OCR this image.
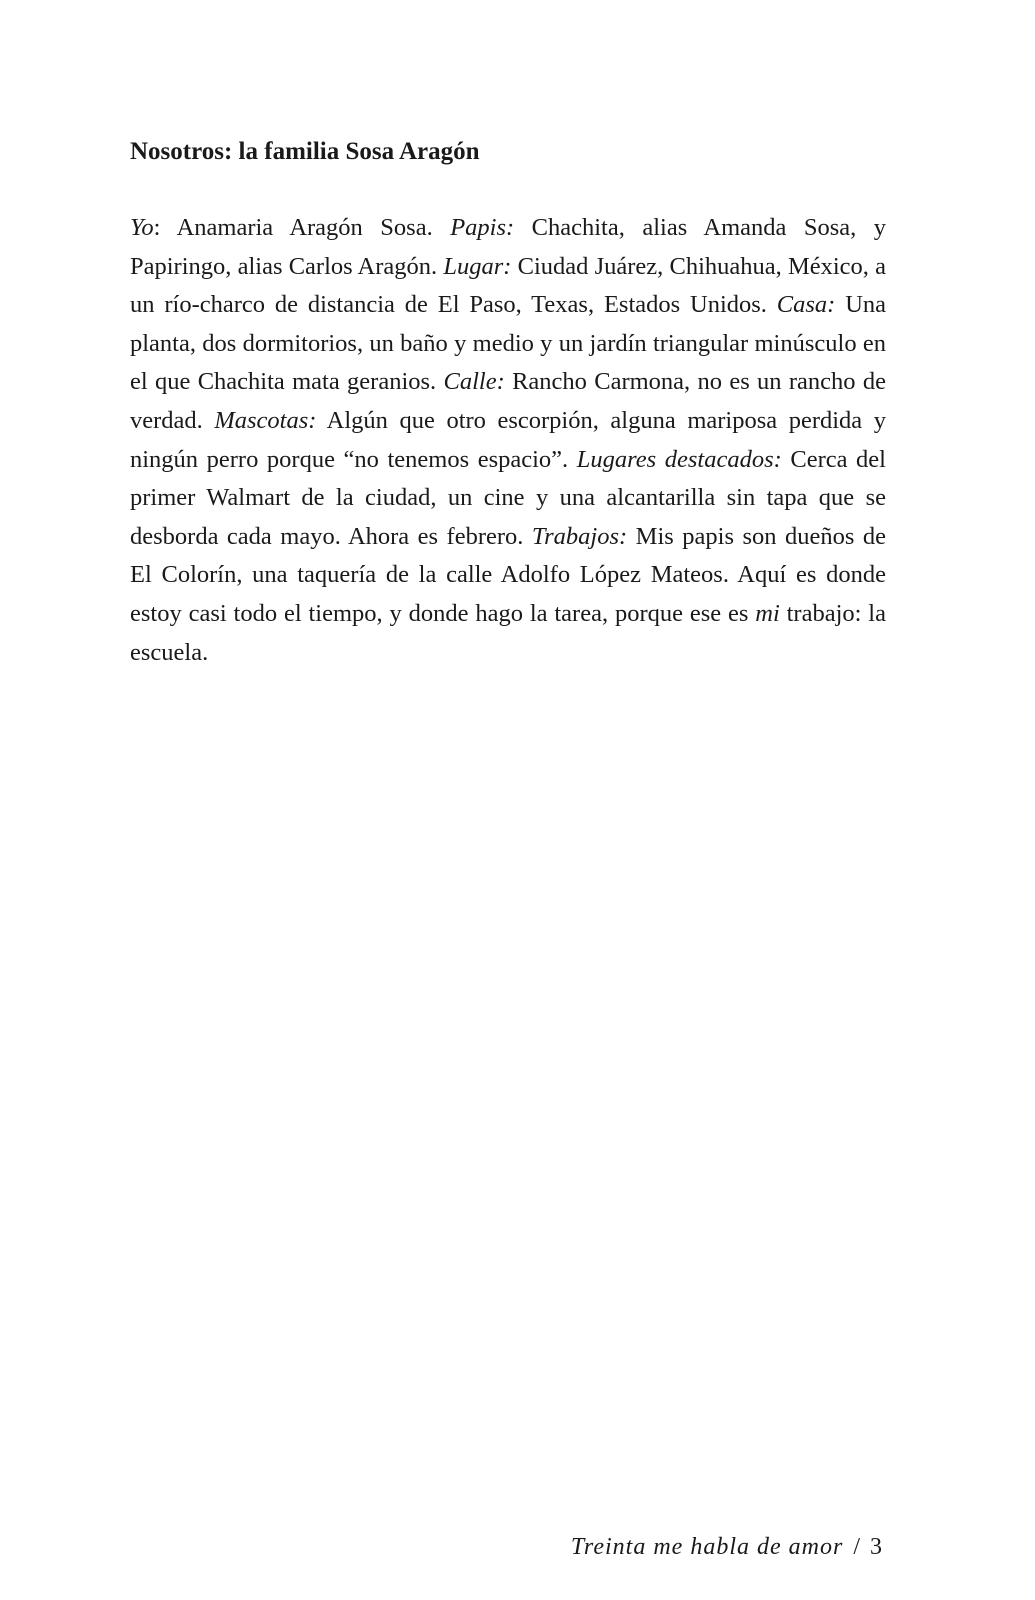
Nosotros: la familia Sosa Aragón

Yo: Anamaria Aragón Sosa. Papis: Chachita, alias Amanda Sosa, y Papiringo, alias Carlos Aragón. Lugar: Ciudad Juárez, Chihuahua, México, a un río-charco de distancia de El Paso, Texas, Estados Unidos. Casa: Una planta, dos dormitorios, un baño y medio y un jardín triangular minúsculo en el que Chachita mata geranios. Calle: Rancho Carmona, no es un rancho de verdad. Mascotas: Algún que otro escorpión, alguna mariposa perdida y ningún perro porque “no tenemos espacio”. Lugares destacados: Cerca del primer Walmart de la ciudad, un cine y una alcantarilla sin tapa que se desborda cada mayo. Ahora es febrero. Trabajos: Mis papis son dueños de El Colorín, una taquería de la calle Adolfo López Mateos. Aquí es donde estoy casi todo el tiempo, y donde hago la tarea, porque ese es mi trabajo: la escuela.

Treinta me habla de amor / 3
